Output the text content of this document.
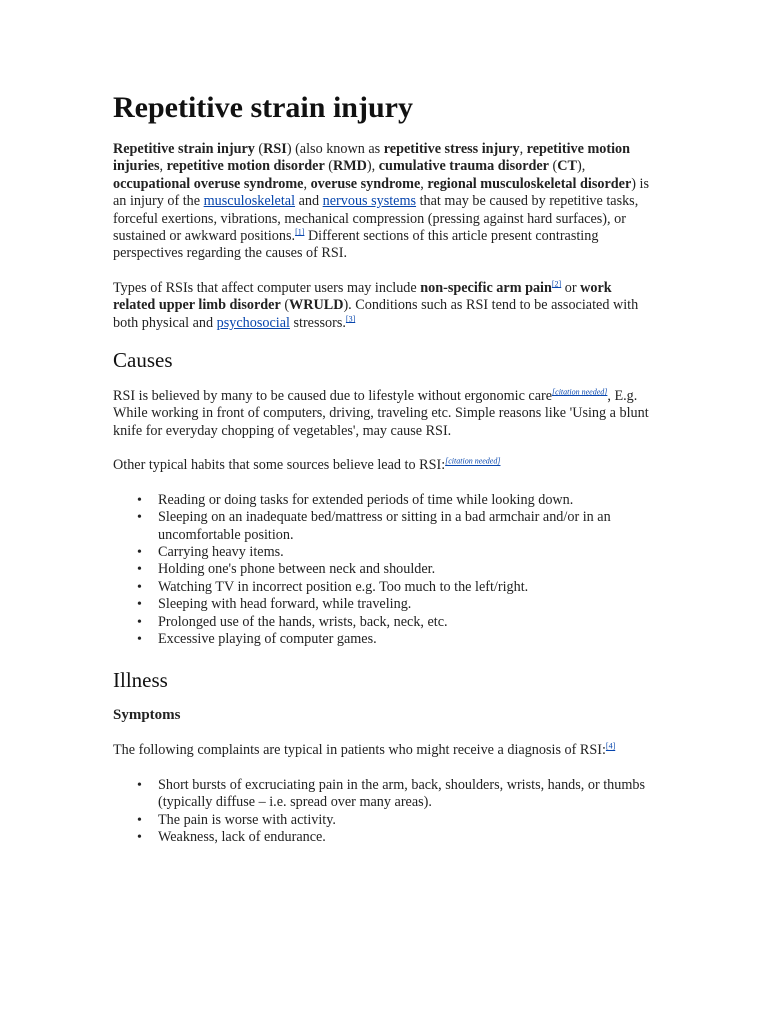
Repetitive strain injury

Repetitive strain injury (RSI) (also known as repetitive stress injury, repetitive motion injuries, repetitive motion disorder (RMD), cumulative trauma disorder (CT), occupational overuse syndrome, overuse syndrome, regional musculoskeletal disorder) is an injury of the musculoskeletal and nervous systems that may be caused by repetitive tasks, forceful exertions, vibrations, mechanical compression (pressing against hard surfaces), or sustained or awkward positions.[1] Different sections of this article present contrasting perspectives regarding the causes of RSI.

Types of RSIs that affect computer users may include non-specific arm pain[2] or work related upper limb disorder (WRULD). Conditions such as RSI tend to be associated with both physical and psychosocial stressors.[3]

Causes

RSI is believed by many to be caused due to lifestyle without ergonomic care[citation needed], E.g. While working in front of computers, driving, traveling etc. Simple reasons like 'Using a blunt knife for everyday chopping of vegetables', may cause RSI.

Other typical habits that some sources believe lead to RSI:[citation needed]

• Reading or doing tasks for extended periods of time while looking down.
• Sleeping on an inadequate bed/mattress or sitting in a bad armchair and/or in an uncomfortable position.
• Carrying heavy items.
• Holding one's phone between neck and shoulder.
• Watching TV in incorrect position e.g. Too much to the left/right.
• Sleeping with head forward, while traveling.
• Prolonged use of the hands, wrists, back, neck, etc.
• Excessive playing of computer games.
Illness
Symptoms

The following complaints are typical in patients who might receive a diagnosis of RSI:[4]

• Short bursts of excruciating pain in the arm, back, shoulders, wrists, hands, or thumbs (typically diffuse – i.e. spread over many areas).
• The pain is worse with activity.
• Weakness, lack of endurance.
